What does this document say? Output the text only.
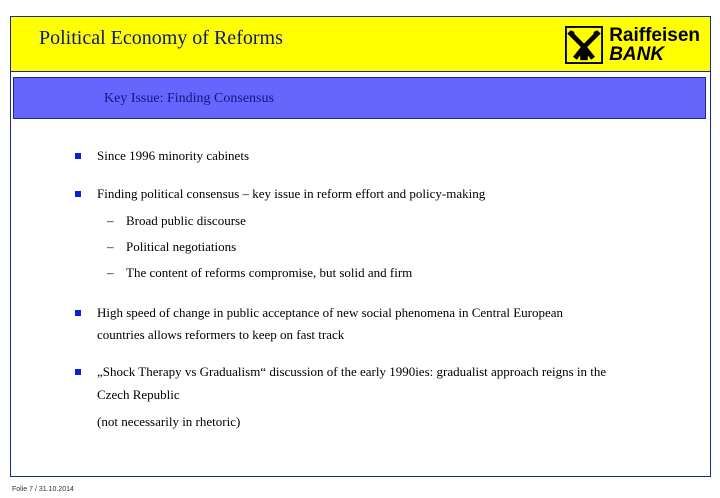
Political Economy of Reforms	Raiffeisen
BANK
Key Issue: Finding Consensus
Since 1996 minority cabinets
Finding political consensus – key issue in reform effort and policy-making
– Broad public discourse
– Political negotiations
– The content of reforms compromise, but solid and firm
High speed of change in public acceptance of new social phenomena in Central European
countries allows reformers to keep on fast track
„Shock Therapy vs Gradualism“ discussion of the early 1990ies: gradualist approach reigns in the
Czech Republic
(not necessarily in rhetoric)
Folie 7 / 31.10.2014
